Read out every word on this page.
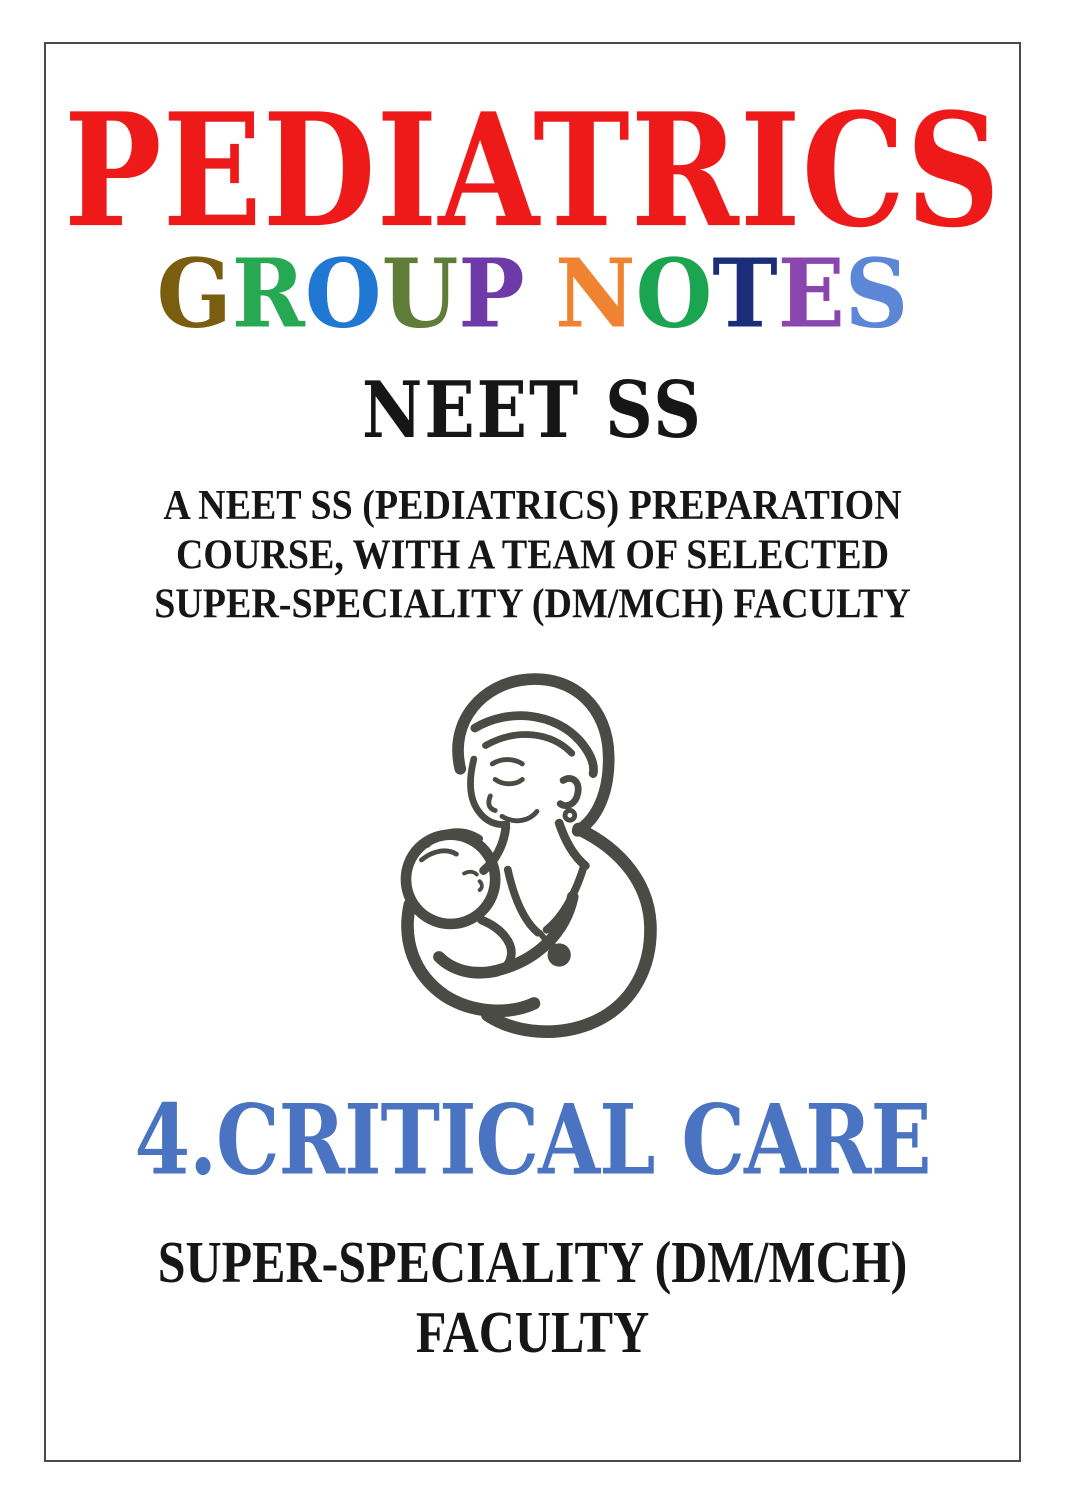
PEDIATRICS
GROUP NOTES
NEET SS
A NEET SS (PEDIATRICS) PREPARATION
COURSE, WITH A TEAM OF SELECTED
SUPER-SPECIALITY (DM/MCH) FACULTY
4.CRITICAL CARE
SUPER-SPECIALITY (DM/MCH)
FACULTY
